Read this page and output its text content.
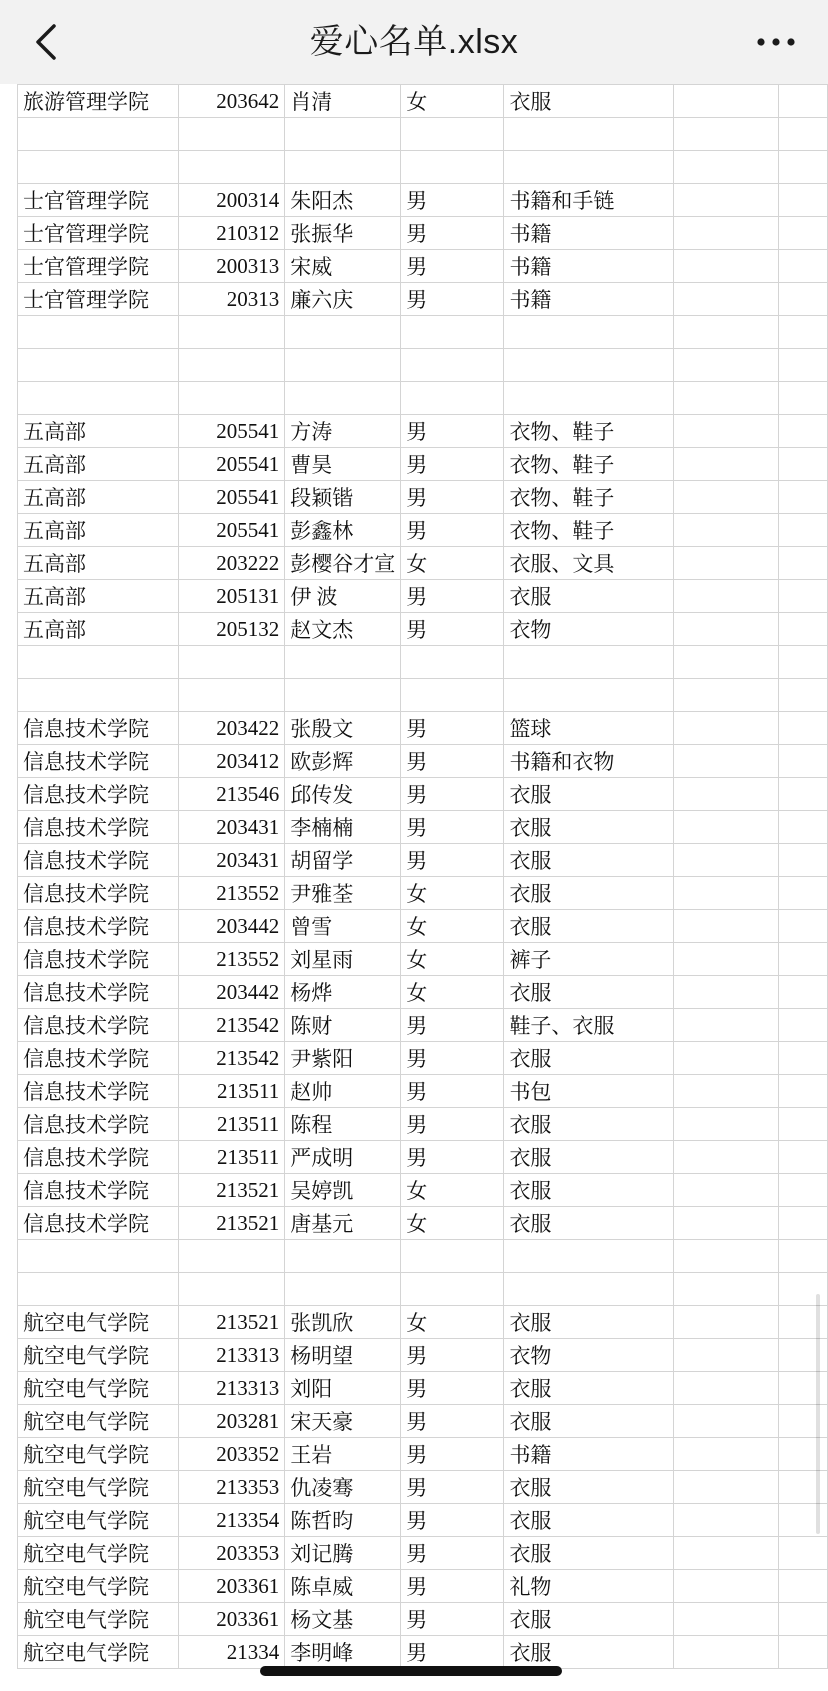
爱心名单.xlsx
旅游管理学院	203642	肖清	女	衣服		

士官管理学院	200314	朱阳杰	男	书籍和手链		
士官管理学院	210312	张振华	男	书籍		
士官管理学院	200313	宋威	男	书籍		
士官管理学院	20313	廉六庆	男	书籍		

五高部	205541	方涛	男	衣物、鞋子		
五高部	205541	曹昊	男	衣物、鞋子		
五高部	205541	段颖锴	男	衣物、鞋子		
五高部	205541	彭鑫林	男	衣物、鞋子		
五高部	203222	彭樱谷才宣	女	衣服、文具		
五高部	205131	伊 波	男	衣服		
五高部	205132	赵文杰	男	衣物		

信息技术学院	203422	张殷文	男	篮球		
信息技术学院	203412	欧彭辉	男	书籍和衣物		
信息技术学院	213546	邱传发	男	衣服		
信息技术学院	203431	李楠楠	男	衣服		
信息技术学院	203431	胡留学	男	衣服		
信息技术学院	213552	尹雅荃	女	衣服		
信息技术学院	203442	曾雪	女	衣服		
信息技术学院	213552	刘星雨	女	裤子		
信息技术学院	203442	杨烨	女	衣服		
信息技术学院	213542	陈财	男	鞋子、衣服		
信息技术学院	213542	尹紫阳	男	衣服		
信息技术学院	213511	赵帅	男	书包		
信息技术学院	213511	陈程	男	衣服		
信息技术学院	213511	严成明	男	衣服		
信息技术学院	213521	吴婷凯	女	衣服		
信息技术学院	213521	唐基元	女	衣服		

航空电气学院	213521	张凯欣	女	衣服		
航空电气学院	213313	杨明望	男	衣物		
航空电气学院	213313	刘阳	男	衣服		
航空电气学院	203281	宋天豪	男	衣服		
航空电气学院	203352	王岩	男	书籍		
航空电气学院	213353	仇凌骞	男	衣服		
航空电气学院	213354	陈哲昀	男	衣服		
航空电气学院	203353	刘记腾	男	衣服		
航空电气学院	203361	陈卓威	男	礼物		
航空电气学院	203361	杨文基	男	衣服		
航空电气学院	21334	李明峰	男	衣服		
